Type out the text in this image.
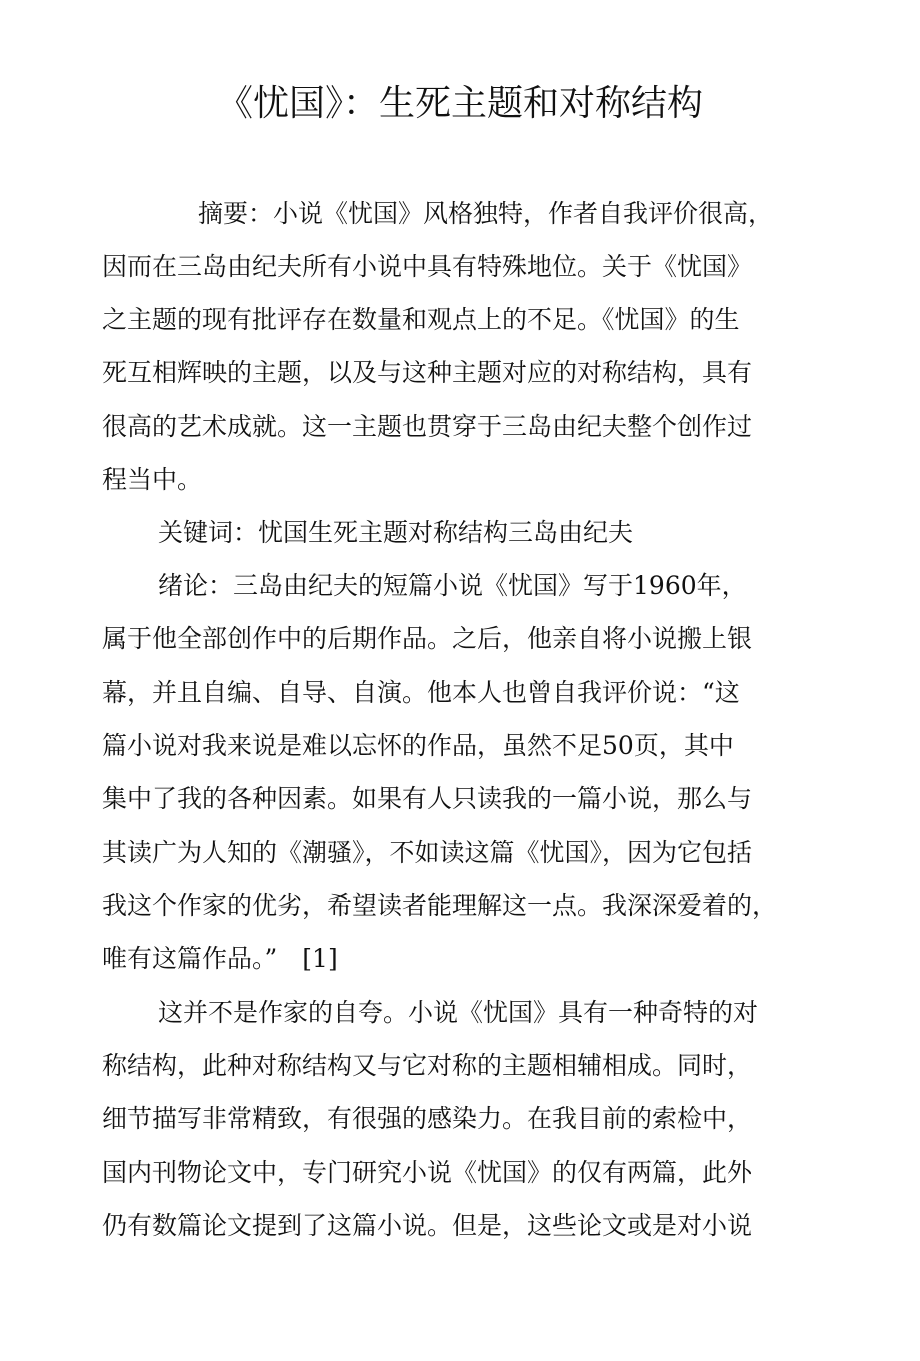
《忧国》：生死主题和对称结构
摘要：小说《忧国》风格独特，作者自我评价很高，
因而在三岛由纪夫所有小说中具有特殊地位。关于《忧国》
之主题的现有批评存在数量和观点上的不足。《忧国》的生
死互相辉映的主题，以及与这种主题对应的对称结构，具有
很高的艺术成就。这一主题也贯穿于三岛由纪夫整个创作过
程当中。
关键词：忧国生死主题对称结构三岛由纪夫
绪论：三岛由纪夫的短篇小说《忧国》写于1960年，
属于他全部创作中的后期作品。之后，他亲自将小说搬上银
幕，并且自编、自导、自演。他本人也曾自我评价说：“这
篇小说对我来说是难以忘怀的作品，虽然不足50页，其中
集中了我的各种因素。如果有人只读我的一篇小说，那么与
其读广为人知的《潮骚》，不如读这篇《忧国》，因为它包括
我这个作家的优劣，希望读者能理解这一点。我深深爱着的，
唯有这篇作品。”　[1]
这并不是作家的自夸。小说《忧国》具有一种奇特的对
称结构，此种对称结构又与它对称的主题相辅相成。同时，
细节描写非常精致，有很强的感染力。在我目前的索检中，
国内刊物论文中，专门研究小说《忧国》的仅有两篇，此外
仍有数篇论文提到了这篇小说。但是，这些论文或是对小说
